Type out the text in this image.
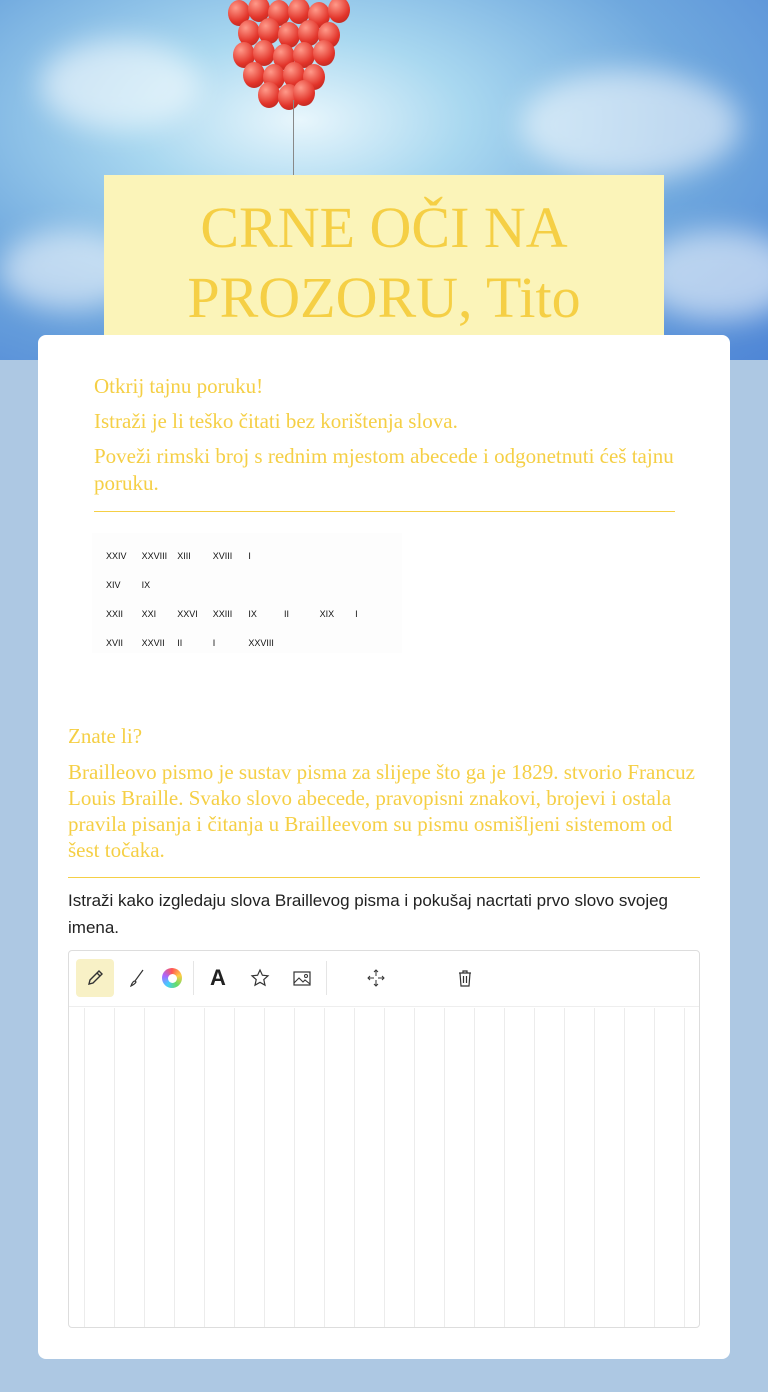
CRNE OČI NA PROZORU, Tito
Otkrij tajnu poruku!
Istraži je li teško čitati bez korištenja slova.
Poveži rimski broj s rednim mjestom abecede i odgonetnuti ćeš tajnu poruku.
XXIV	XXVIII	XIII	XVIII	I			
XIV	IX						
XXII	XXI	XXVI	XXIII	IX	II	XIX	I
XVII	XXVII	II	I	XXVIII			
Znate li?
Brailleovo pismo je sustav pisma za slijepe što ga je 1829. stvorio Francuz Louis Braille. Svako slovo abecede, pravopisni znakovi, brojevi i ostala pravila pisanja i čitanja u Brailleevom su pismu osmišljeni sistemom od šest točaka.
Istraži kako izgledaju slova Braillevog pisma i pokušaj nacrtati prvo slovo svojeg imena.
A
